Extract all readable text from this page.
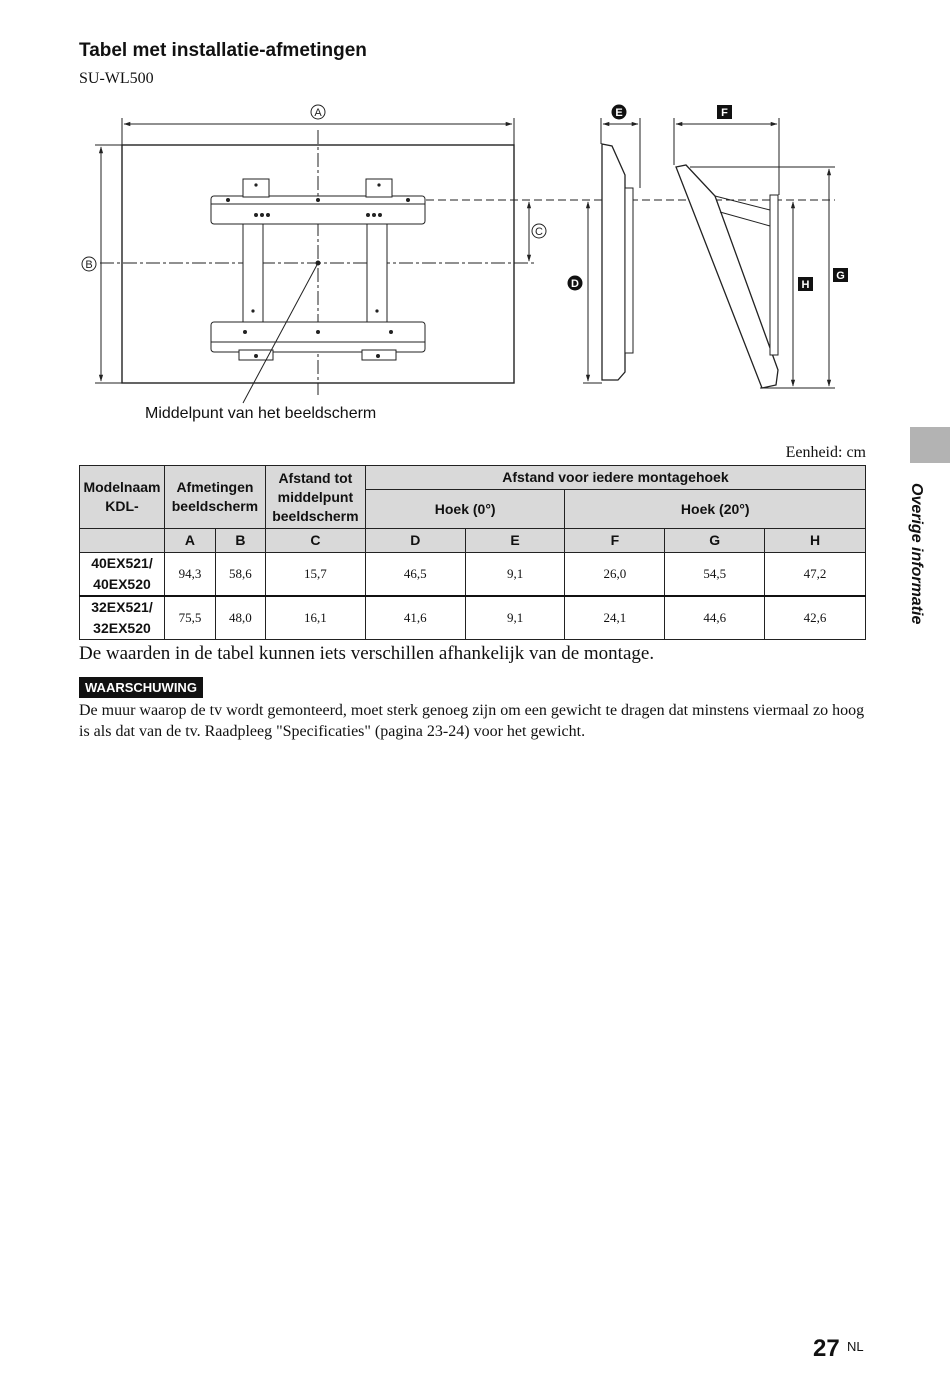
Tabel met installatie-afmetingen
SU-WL500
A
B
C
D
E	F
G
H
Middelpunt van het beeldscherm
Eenheid: cm
Modelnaam KDL-	Afmetingen beeldscherm		Afstand tot middelpunt beeldscherm	Afstand voor iedere montagehoek				
				Hoek (0°)		Hoek (20°)		
	A	B	C	D	E	F	G	H
40EX521/
40EX520	94,3	58,6	15,7	46,5	9,1	26,0	54,5	47,2
32EX521/
32EX520	75,5	48,0	16,1	41,6	9,1	24,1	44,6	42,6
De waarden in de tabel kunnen iets verschillen afhankelijk van de montage.
WAARSCHUWING
De muur waarop de tv wordt gemonteerd, moet sterk genoeg zijn om een gewicht te dragen dat minstens viermaal zo hoog is als dat van de tv. Raadpleeg "Specificaties" (pagina 23-24) voor het gewicht.
Overige informatie
27 NL
